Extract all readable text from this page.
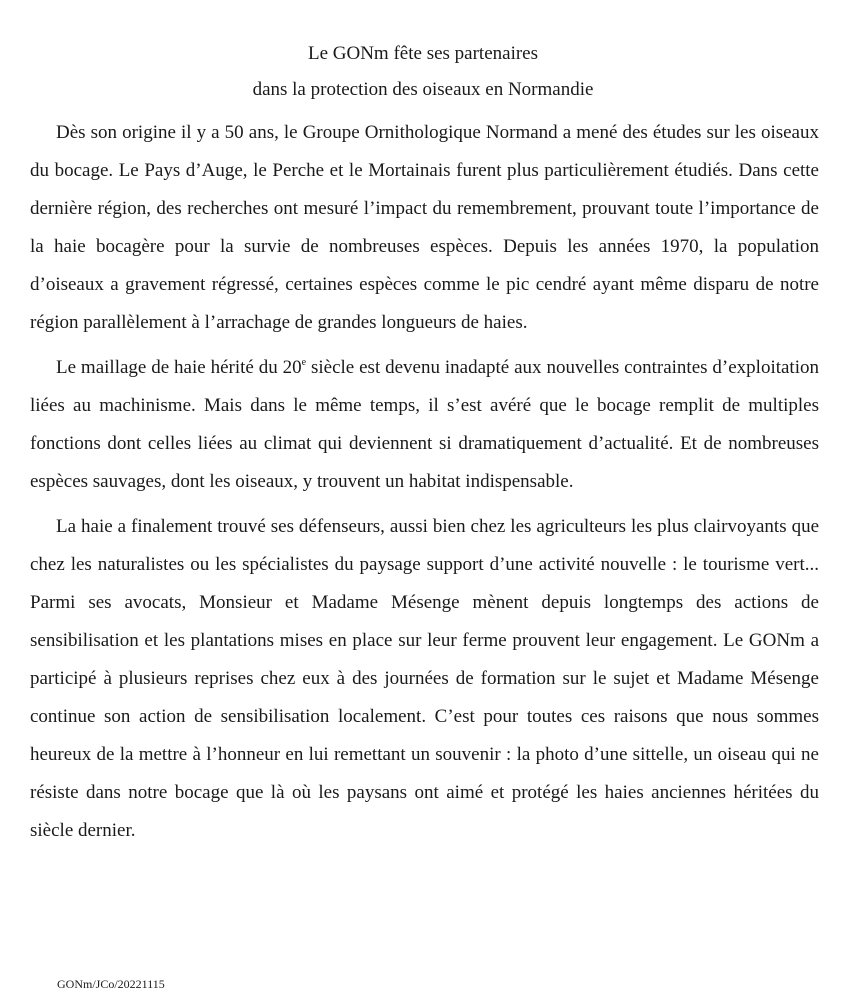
Le GONm fête ses partenaires
dans la protection des oiseaux en Normandie

Dès son origine il y a 50 ans, le Groupe Ornithologique Normand a mené des études sur les oiseaux du bocage. Le Pays d’Auge, le Perche et le Mortainais furent plus particulièrement étudiés. Dans cette dernière région, des recherches ont mesuré l’impact du remembrement, prouvant toute l’importance de la haie bocagère pour la survie de nombreuses espèces. Depuis les années 1970, la population d’oiseaux a gravement régressé, certaines espèces comme le pic cendré ayant même disparu de notre région parallèlement à l’arrachage de grandes longueurs de haies.

Le maillage de haie hérité du 20e siècle est devenu inadapté aux nouvelles contraintes d’exploitation liées au machinisme. Mais dans le même temps, il s’est avéré que le bocage remplit de multiples fonctions dont celles liées au climat qui deviennent si dramatiquement d’actualité. Et de nombreuses espèces sauvages, dont les oiseaux, y trouvent un habitat indispensable.

La haie a finalement trouvé ses défenseurs, aussi bien chez les agriculteurs les plus clairvoyants que chez les naturalistes ou les spécialistes du paysage support d’une activité nouvelle : le tourisme vert... Parmi ses avocats, Monsieur et Madame Mésenge mènent depuis longtemps des actions de sensibilisation et les plantations mises en place sur leur ferme prouvent leur engagement. Le GONm a participé à plusieurs reprises chez eux à des journées de formation sur le sujet et Madame Mésenge continue son action de sensibilisation localement. C’est pour toutes ces raisons que nous sommes heureux de la mettre à l’honneur en lui remettant un souvenir : la photo d’une sittelle, un oiseau qui ne résiste dans notre bocage que là où les paysans ont aimé et protégé les haies anciennes héritées du siècle dernier.

GONm/JCo/20221115
